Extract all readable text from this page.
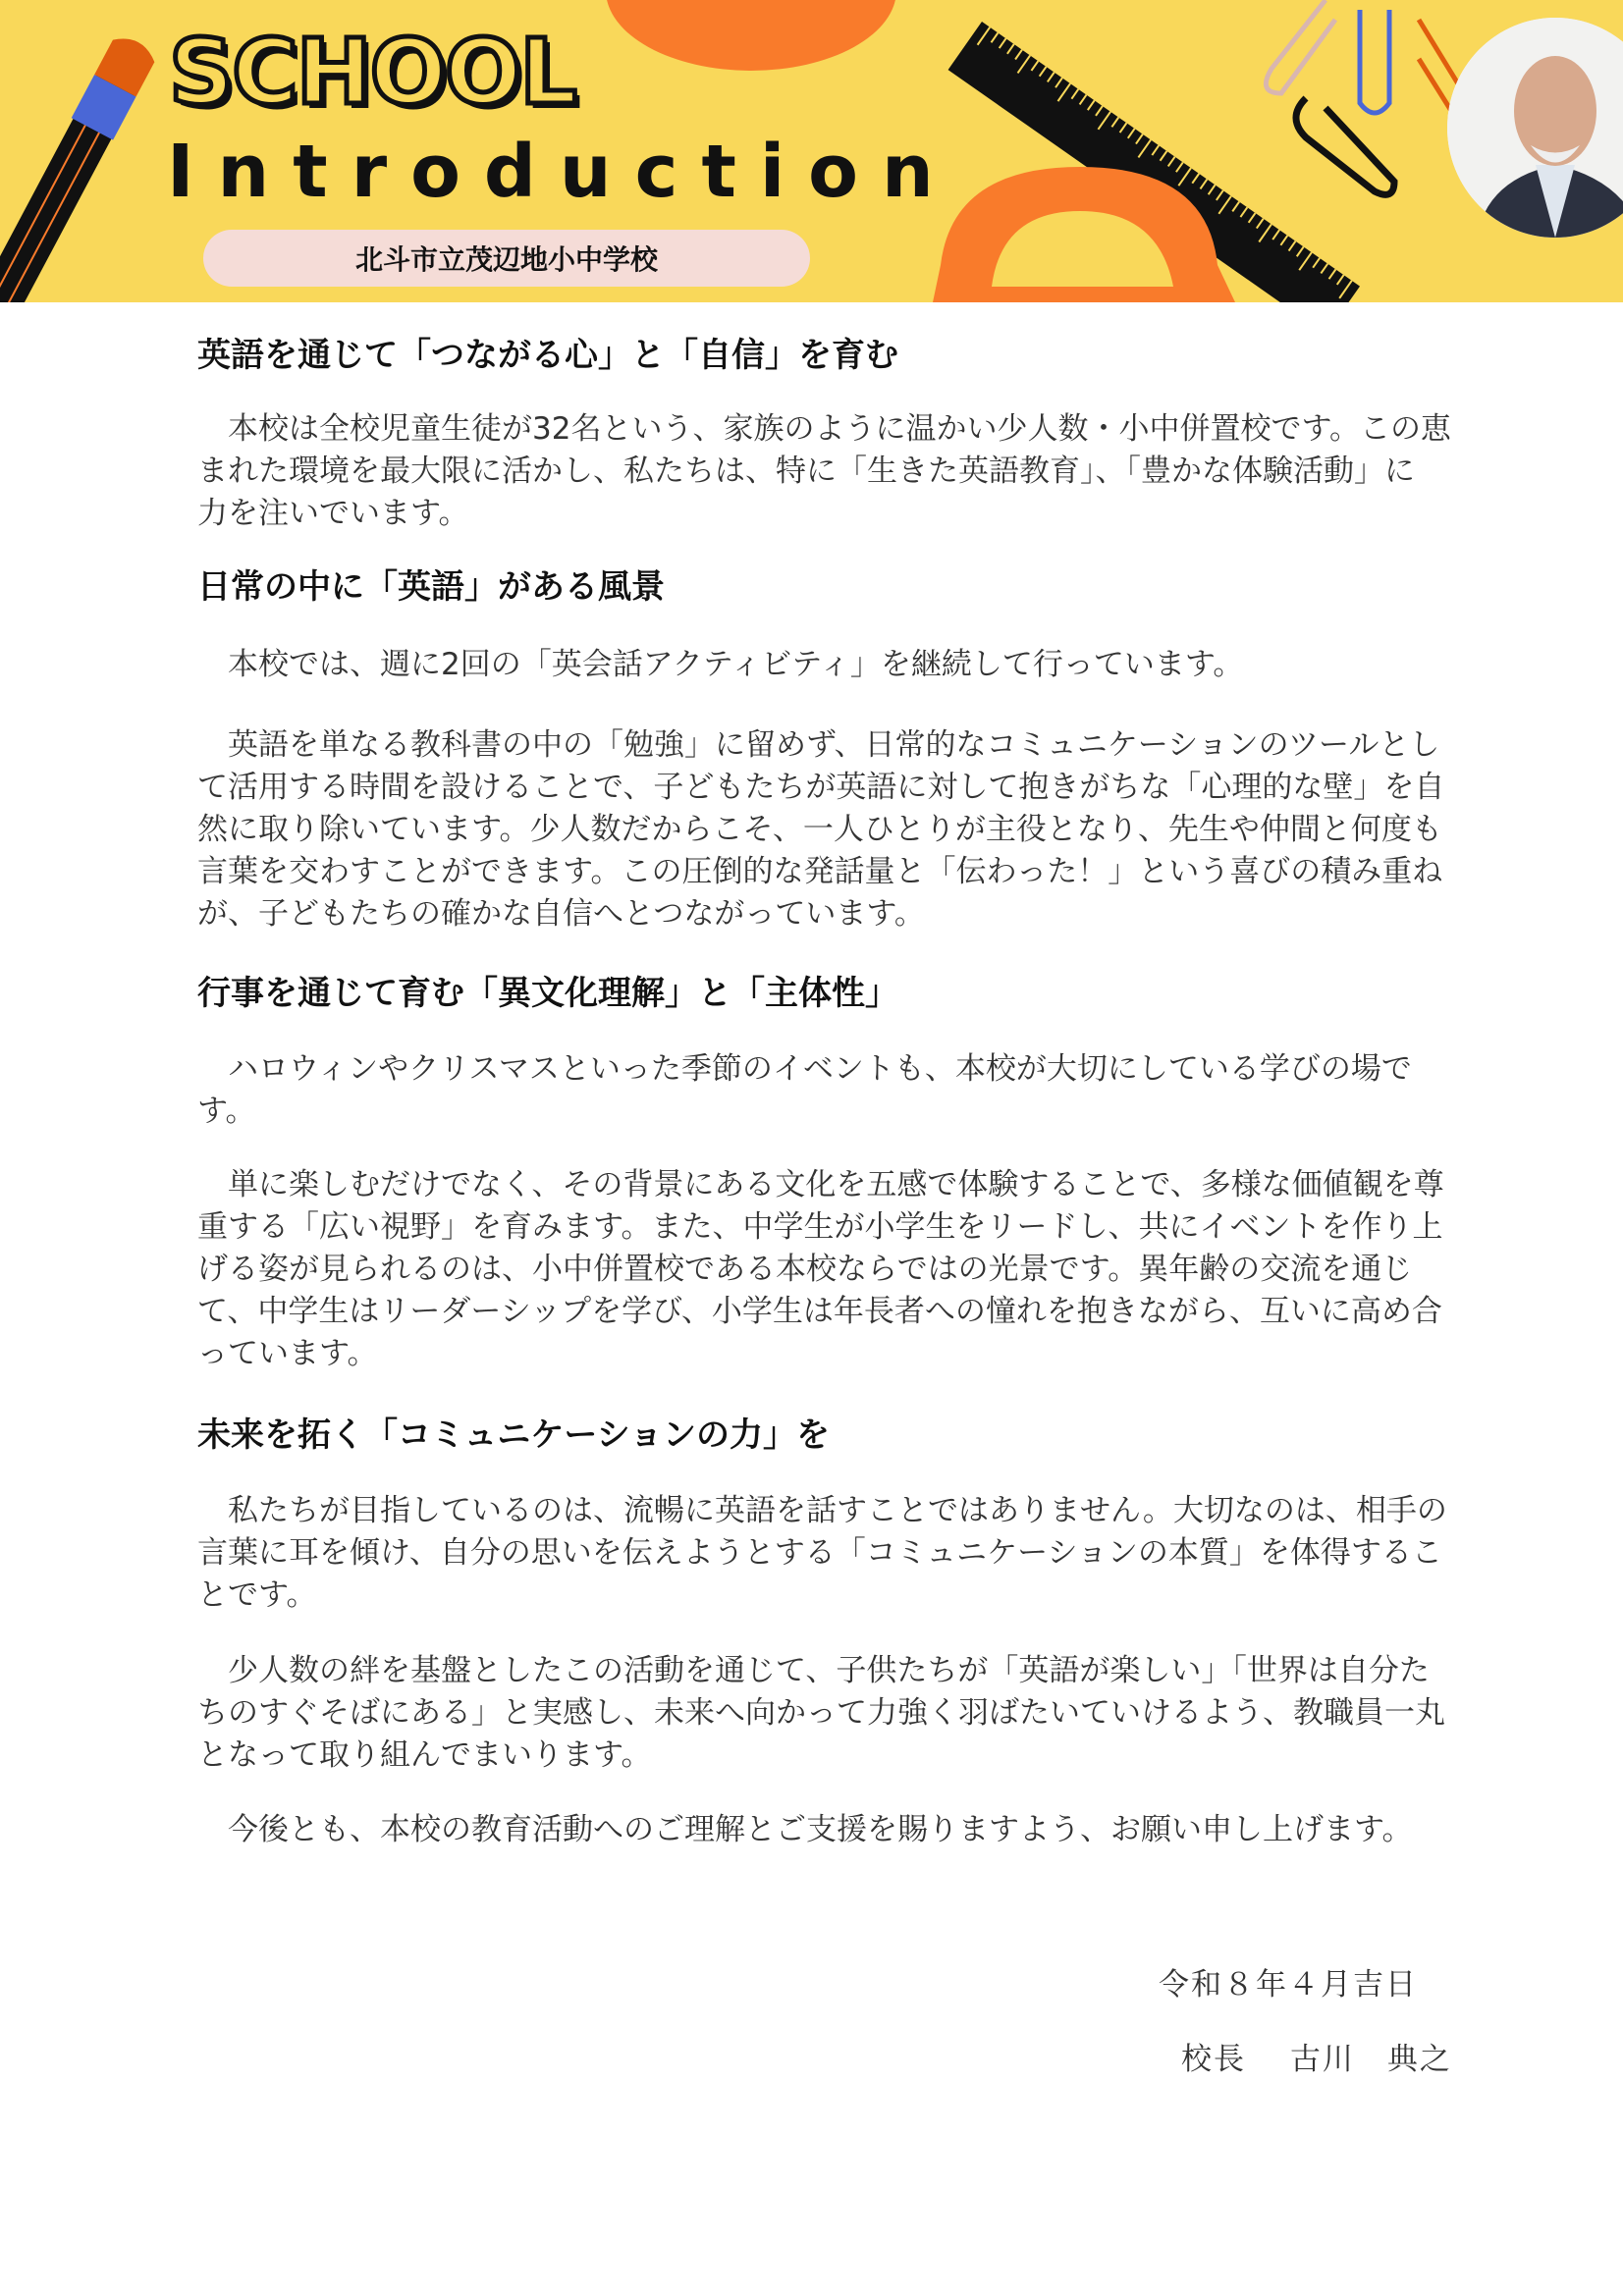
SCHOOL
Introduction
北斗市立茂辺地小中学校
英語を通じて「つながる心」と「自信」を育む
　本校は全校児童生徒が32名という、家族のように温かい少人数・小中併置校です。この恵
まれた環境を最大限に活かし、私たちは、特に「生きた英語教育」、「豊かな体験活動」に
力を注いでいます。
日常の中に「英語」がある風景
　本校では、週に2回の「英会話アクティビティ」を継続して行っています。
　英語を単なる教科書の中の「勉強」に留めず、日常的なコミュニケーションのツールとし
て活用する時間を設けることで、子どもたちが英語に対して抱きがちな「心理的な壁」を自
然に取り除いています。少人数だからこそ、一人ひとりが主役となり、先生や仲間と何度も
言葉を交わすことができます。この圧倒的な発話量と「伝わった！」という喜びの積み重ね
が、子どもたちの確かな自信へとつながっています。
行事を通じて育む「異文化理解」と「主体性」
　ハロウィンやクリスマスといった季節のイベントも、本校が大切にしている学びの場で
す。
　単に楽しむだけでなく、その背景にある文化を五感で体験することで、多様な価値観を尊
重する「広い視野」を育みます。また、中学生が小学生をリードし、共にイベントを作り上
げる姿が見られるのは、小中併置校である本校ならではの光景です。異年齢の交流を通じ
て、中学生はリーダーシップを学び、小学生は年長者への憧れを抱きながら、互いに高め合
っています。
未来を拓く「コミュニケーションの力」を
　私たちが目指しているのは、流暢に英語を話すことではありません。大切なのは、相手の
言葉に耳を傾け、自分の思いを伝えようとする「コミュニケーションの本質」を体得するこ
とです。
　少人数の絆を基盤としたこの活動を通じて、子供たちが「英語が楽しい」「世界は自分た
ちのすぐそばにある」と実感し、未来へ向かって力強く羽ばたいていけるよう、教職員一丸
となって取り組んでまいります。
　今後とも、本校の教育活動へのご理解とご支援を賜りますよう、お願い申し上げます。
令和８年４月吉日
校長　 古川　典之
